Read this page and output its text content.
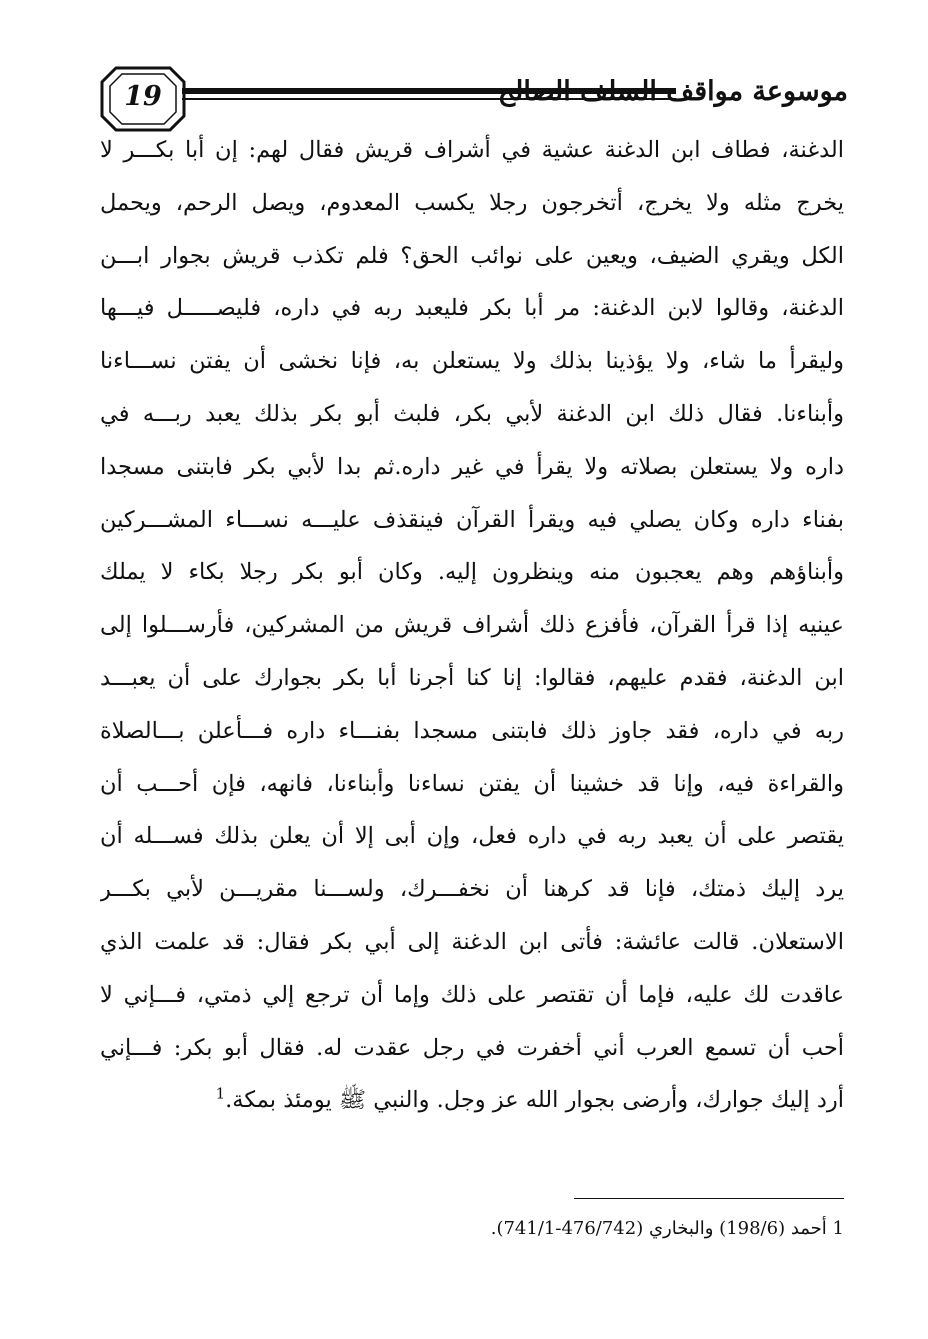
19	موسوعة مواقف السلف الصالح
الدغنة، فطاف ابن الدغنة عشية في أشراف قريش فقال لهم: إن أبا بكـــر لا
يخرج مثله ولا يخرج، أتخرجون رجلا يكسب المعدوم، ويصل الرحم، ويحمل
الكل ويقري الضيف، ويعين على نوائب الحق؟ فلم تكذب قريش بجوار ابـــن
الدغنة، وقالوا لابن الدغنة: مر أبا بكر فليعبد ربه في داره، فليصـــــل فيـــها
وليقرأ ما شاء، ولا يؤذينا بذلك ولا يستعلن به، فإنا نخشى أن يفتن نســـاءنا
وأبناءنا. فقال ذلك ابن الدغنة لأبي بكر، فلبث أبو بكر بذلك يعبد ربـــه في
داره ولا يستعلن بصلاته ولا يقرأ في غير داره.ثم بدا لأبي بكر فابتنى مسجدا
بفناء داره وكان يصلي فيه ويقرأ القرآن فينقذف عليـــه نســـاء المشـــركين
وأبناؤهم وهم يعجبون منه وينظرون إليه. وكان أبو بكر رجلا بكاء لا يملك
عينيه إذا قرأ القرآن، فأفزع ذلك أشراف قريش من المشركين، فأرســـلوا إلى
ابن الدغنة، فقدم عليهم، فقالوا: إنا كنا أجرنا أبا بكر بجوارك على أن يعبـــد
ربه في داره، فقد جاوز ذلك فابتنى مسجدا بفنـــاء داره فـــأعلن بـــالصلاة
والقراءة فيه، وإنا قد خشينا أن يفتن نساءنا وأبناءنا، فانهه، فإن أحـــب أن
يقتصر على أن يعبد ربه في داره فعل، وإن أبى إلا أن يعلن بذلك فســـله أن
يرد إليك ذمتك، فإنا قد كرهنا أن نخفـــرك، ولســـنا مقريـــن لأبي بكـــر
الاستعلان. قالت عائشة: فأتى ابن الدغنة إلى أبي بكر فقال: قد علمت الذي
عاقدت لك عليه، فإما أن تقتصر على ذلك وإما أن ترجع إلي ذمتي، فـــإني لا
أحب أن تسمع العرب أني أخفرت في رجل عقدت له. فقال أبو بكر: فـــإني
أرد إليك جوارك، وأرضى بجوار الله عز وجل. والنبي ﷺ يومئذ بمكة.$^1$
1 أحمد (198/6) والبخاري (476/742-741/1).
